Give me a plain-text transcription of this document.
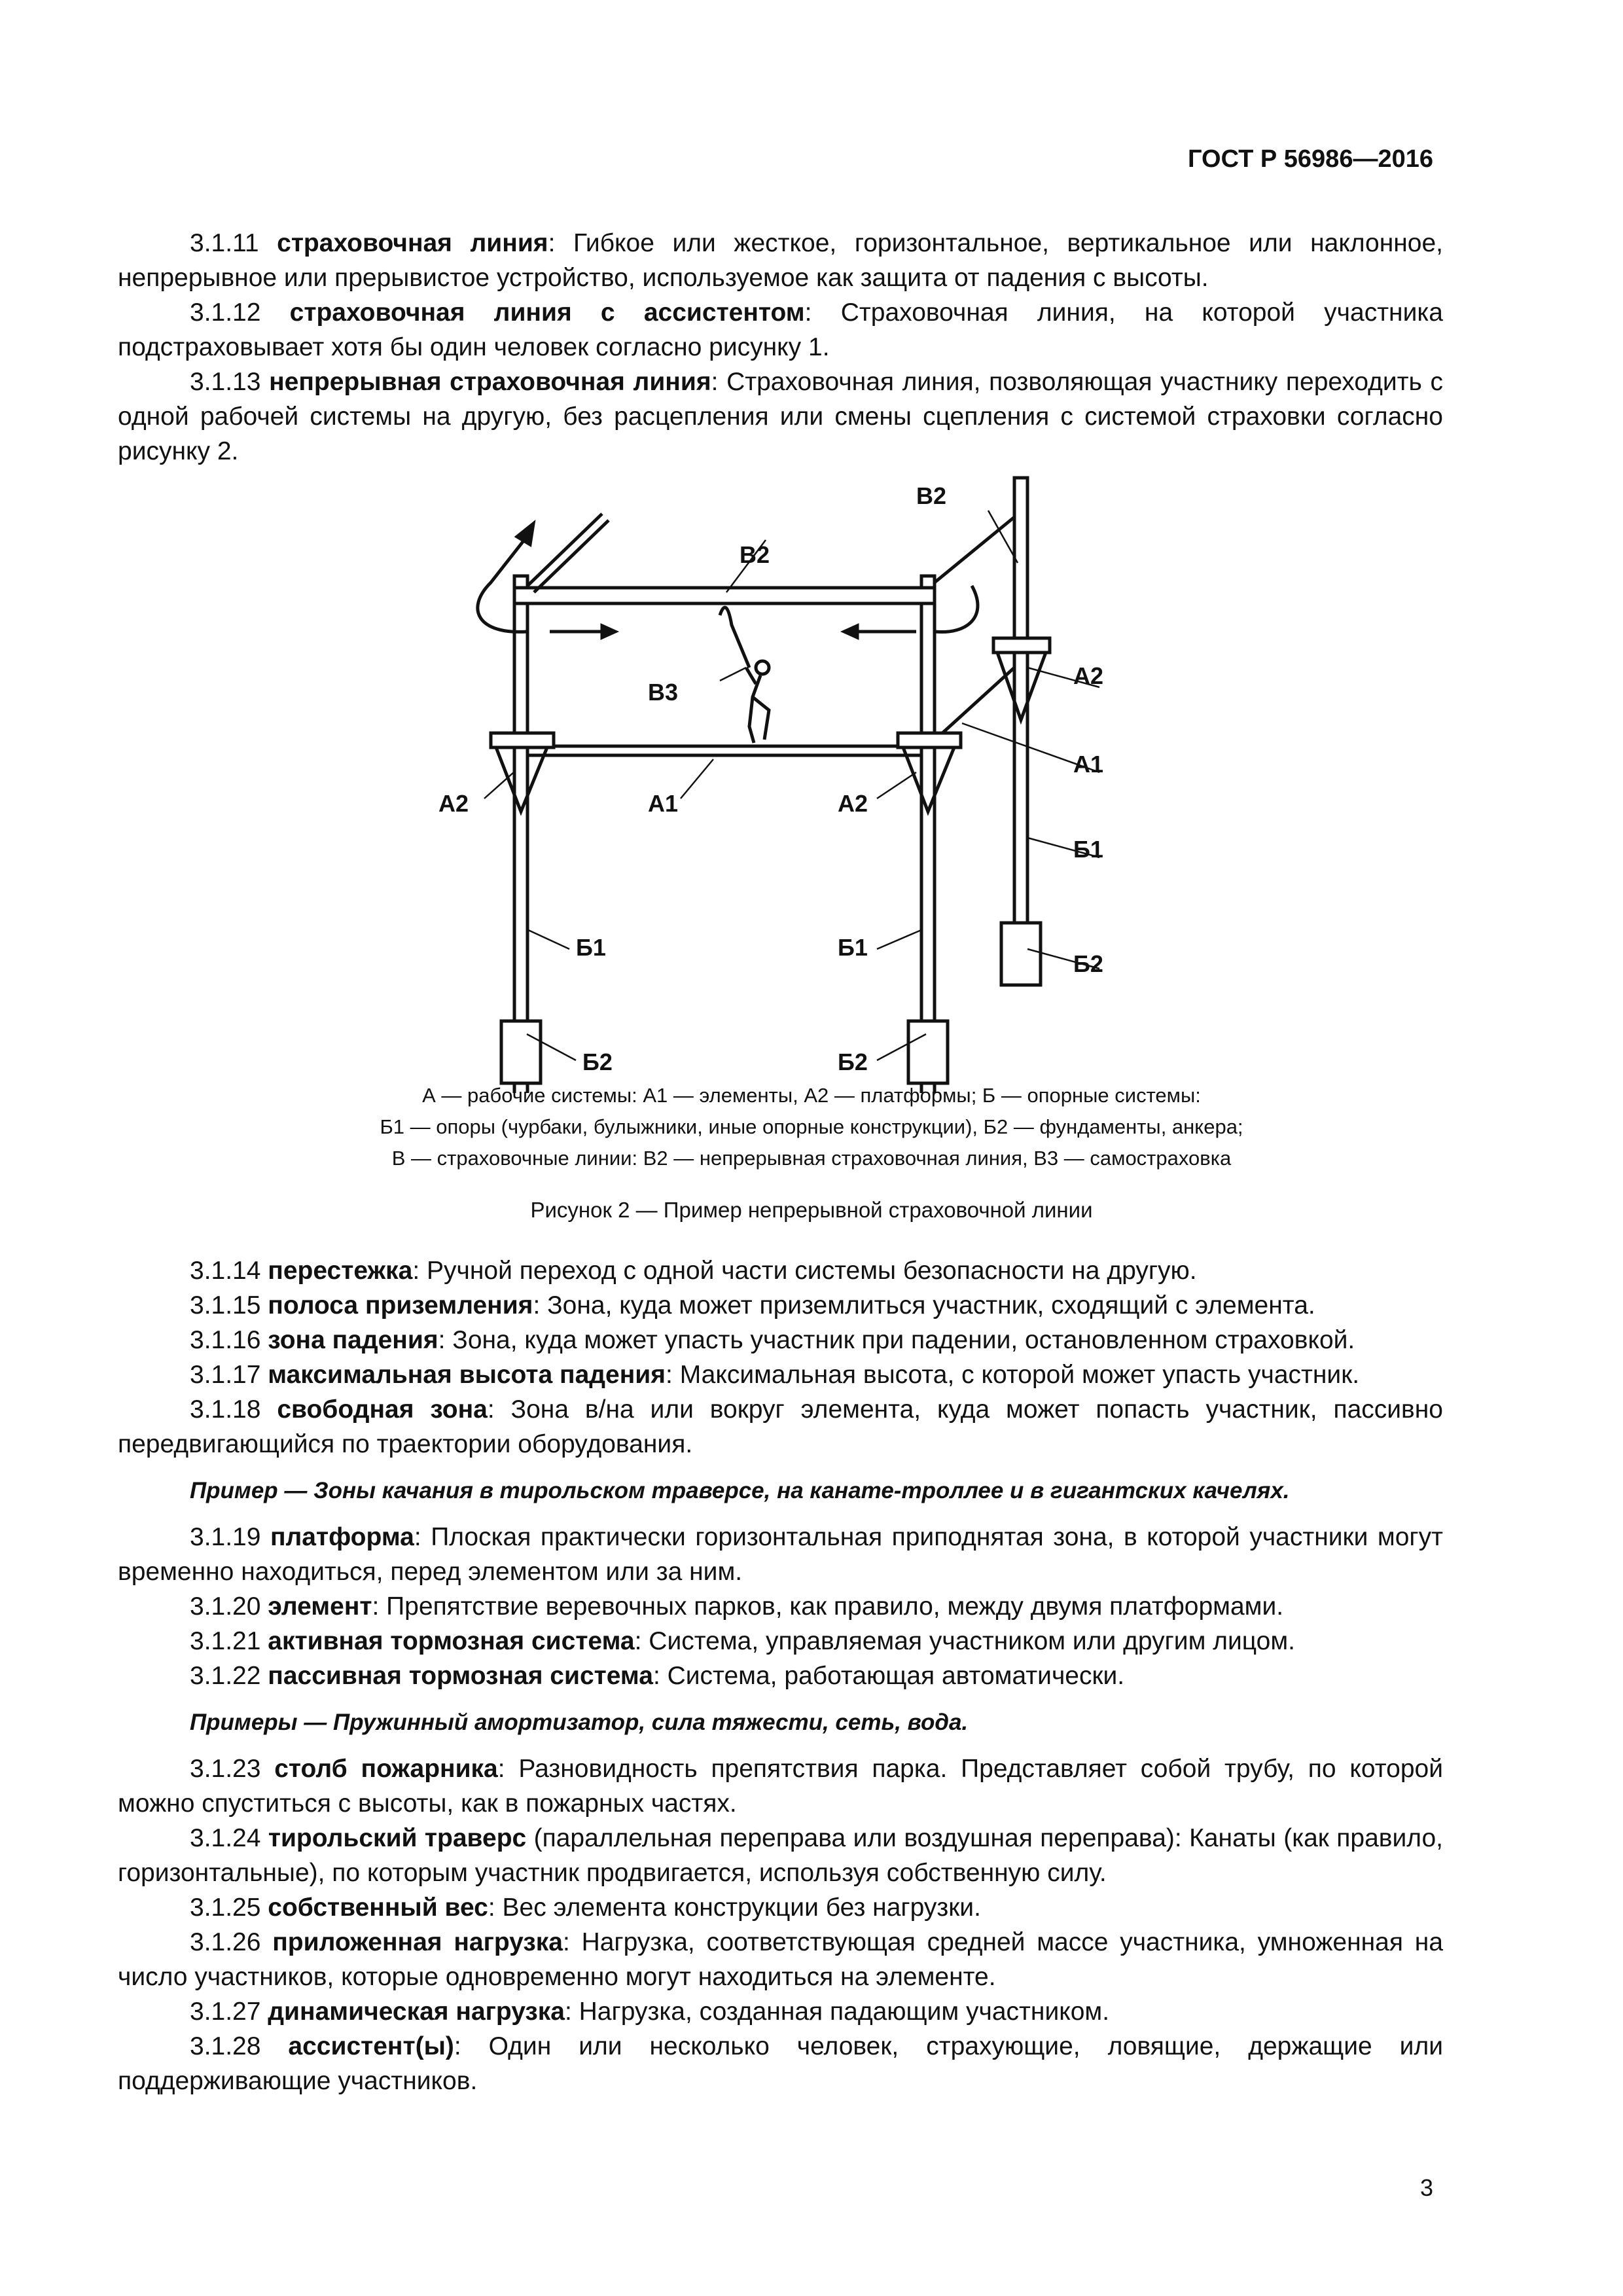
ГОСТ Р 56986—2016

3.1.11 страховочная линия: Гибкое или жесткое, горизонтальное, вертикальное или наклонное, непрерывное или прерывистое устройство, используемое как защита от падения с высоты.

3.1.12 страховочная линия с ассистентом: Страховочная линия, на которой участника подстраховывает хотя бы один человек согласно рисунку 1.

3.1.13 непрерывная страховочная линия: Страховочная линия, позволяющая участнику переходить с одной рабочей системы на другую, без расцепления или смены сцепления с системой страховки согласно рисунку 2.

В2
В2
В3
А2
А1
Б1
Б2
А2	А1	А2
Б1	Б1
Б2	Б2
А — рабочие системы: А1 — элементы, А2 — платформы; Б — опорные системы:
Б1 — опоры (чурбаки, булыжники, иные опорные конструкции), Б2 — фундаменты, анкера;
В — страховочные линии: В2 — непрерывная страховочная линия, В3 — самостраховка
Рисунок 2 — Пример непрерывной страховочной линии

3.1.14 перестежка: Ручной переход с одной части системы безопасности на другую.

3.1.15 полоса приземления: Зона, куда может приземлиться участник, сходящий с элемента.

3.1.16 зона падения: Зона, куда может упасть участник при падении, остановленном страховкой.

3.1.17 максимальная высота падения: Максимальная высота, с которой может упасть участник.

3.1.18 свободная зона: Зона в/на или вокруг элемента, куда может попасть участник, пассивно передвигающийся по траектории оборудования.

Пример — Зоны качания в тирольском траверсе, на канате-троллее и в гигантских качелях.

3.1.19 платформа: Плоская практически горизонтальная приподнятая зона, в которой участники могут временно находиться, перед элементом или за ним.

3.1.20 элемент: Препятствие веревочных парков, как правило, между двумя платформами.

3.1.21 активная тормозная система: Система, управляемая участником или другим лицом.

3.1.22 пассивная тормозная система: Система, работающая автоматически.

Примеры — Пружинный амортизатор, сила тяжести, сеть, вода.

3.1.23 столб пожарника: Разновидность препятствия парка. Представляет собой трубу, по которой можно спуститься с высоты, как в пожарных частях.

3.1.24 тирольский траверс (параллельная переправа или воздушная переправа): Канаты (как правило, горизонтальные), по которым участник продвигается, используя собственную силу.

3.1.25 собственный вес: Вес элемента конструкции без нагрузки.

3.1.26 приложенная нагрузка: Нагрузка, соответствующая средней массе участника, умноженная на число участников, которые одновременно могут находиться на элементе.

3.1.27 динамическая нагрузка: Нагрузка, созданная падающим участником.

3.1.28 ассистент(ы): Один или несколько человек, страхующие, ловящие, держащие или поддерживающие участников.

3
